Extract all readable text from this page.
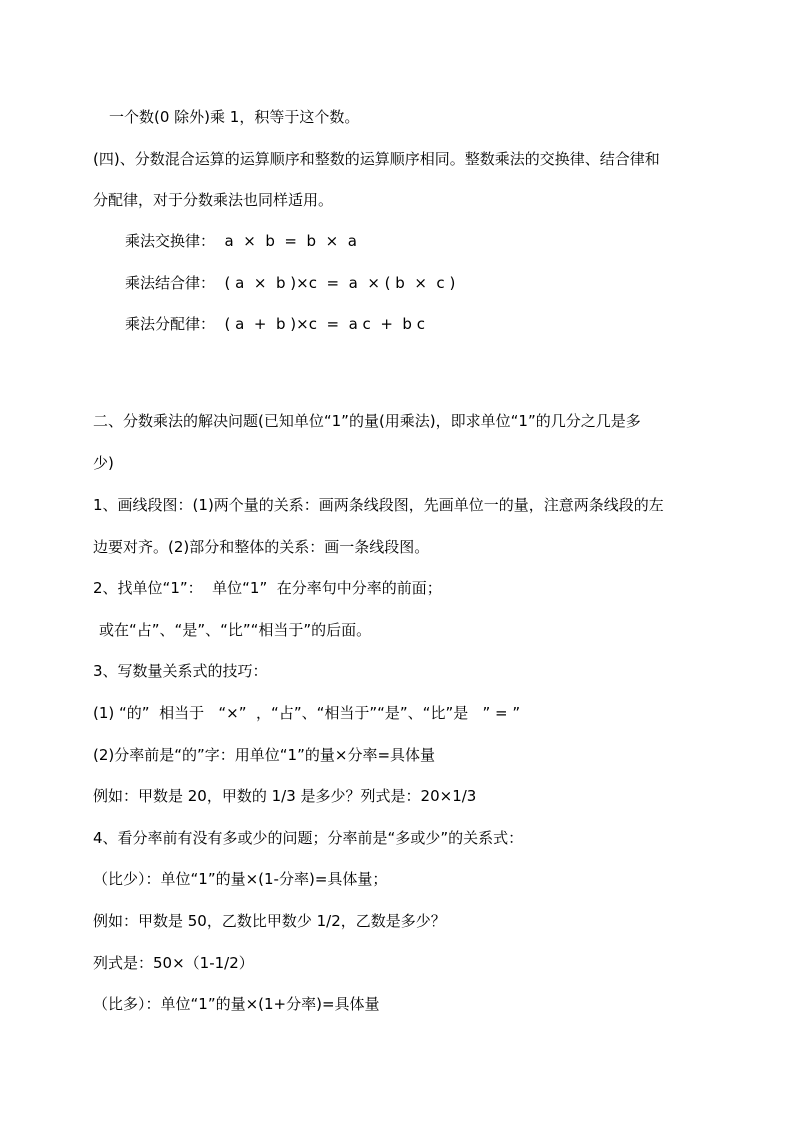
一个数(0 除外)乘 1，积等于这个数。
(四)、分数混合运算的运算顺序和整数的运算顺序相同。整数乘法的交换律、结合律和
分配律，对于分数乘法也同样适用。
乘法交换律：  a  ×  b  =  b  ×  a
乘法结合律：  ( a  ×  b )×c  =  a  × ( b  ×  c )
乘法分配律：  ( a  +  b )×c  =  a c  +  b c
二、分数乘法的解决问题(已知单位“1”的量(用乘法)，即求单位“1”的几分之几是多
少)
1、画线段图：(1)两个量的关系：画两条线段图，先画单位一的量，注意两条线段的左
边要对齐。(2)部分和整体的关系：画一条线段图。
2、找单位“1”：  单位“1”  在分率句中分率的前面；
或在“占”、“是”、“比”“相当于”的后面。
3、写数量关系式的技巧：
(1) “的”  相当于   “×”  ，“占”、“相当于”“是”、“比”是   ” = ”
(2)分率前是“的”字：用单位“1”的量×分率=具体量
例如：甲数是 20，甲数的 1/3 是多少？列式是：20×1/3
4、看分率前有没有多或少的问题；分率前是“多或少”的关系式：
（比少）：单位“1”的量×(1-分率)=具体量；
例如：甲数是 50，乙数比甲数少 1/2，乙数是多少？
列式是：50×（1-1/2）
（比多）：单位“1”的量×(1+分率)=具体量
